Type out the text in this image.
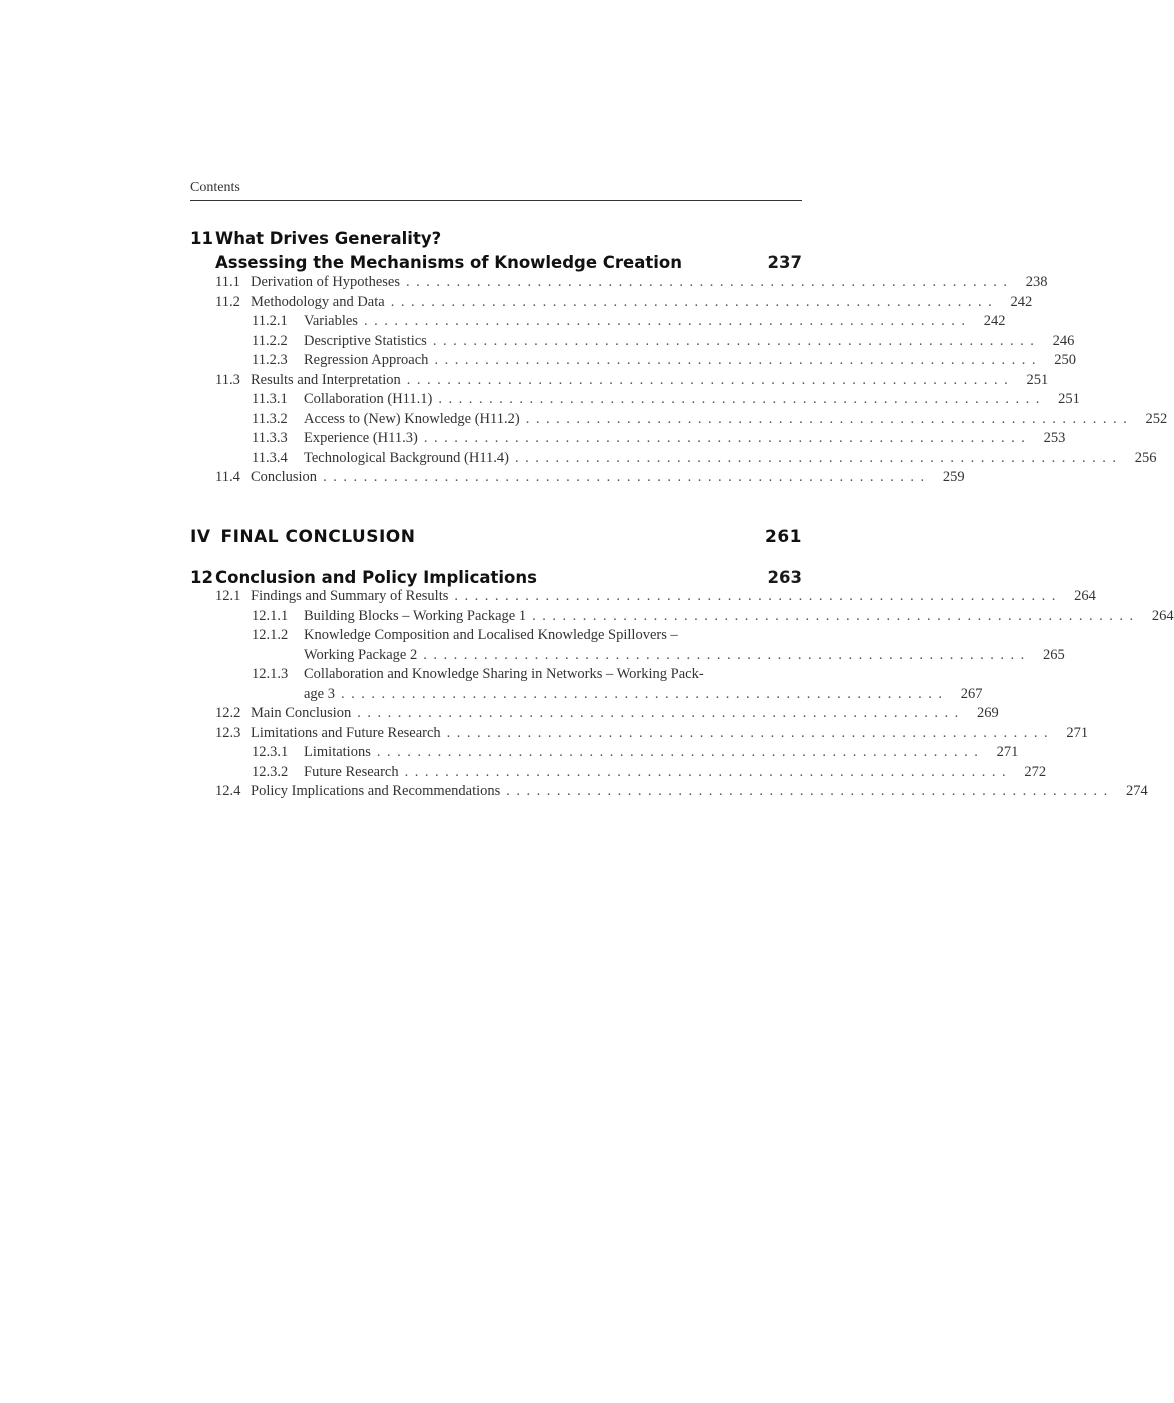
Contents
11 What Drives Generality?
Assessing the Mechanisms of Knowledge Creation	237
11.1 Derivation of Hypotheses ............................................................ 238
11.2 Methodology and Data ............................................................ 242
11.2.1	Variables ............................................................ 242
11.2.2	Descriptive Statistics ............................................................ 246
11.2.3	Regression Approach ............................................................ 250
11.3 Results and Interpretation ............................................................ 251
11.3.1	Collaboration (H11.1) ............................................................ 251
11.3.2	Access to (New) Knowledge (H11.2) ............................................................ 252
11.3.3	Experience (H11.3) ............................................................ 253
11.3.4	Technological Background (H11.4) ............................................................ 256
11.4 Conclusion ............................................................ 259
IV FINAL CONCLUSION	261
12 Conclusion and Policy Implications	263
12.1 Findings and Summary of Results ............................................................ 264
12.1.1	Building Blocks – Working Package 1 ............................................................ 264
12.1.2	Knowledge Composition and Localised Knowledge Spillovers –
Working Package 2 ............................................................ 265
12.1.3	Collaboration and Knowledge Sharing in Networks – Working Pack-
age 3 ............................................................ 267
12.2 Main Conclusion ............................................................ 269
12.3 Limitations and Future Research ............................................................ 271
12.3.1	Limitations ............................................................ 271
12.3.2	Future Research ............................................................ 272
12.4 Policy Implications and Recommendations ............................................................ 274
